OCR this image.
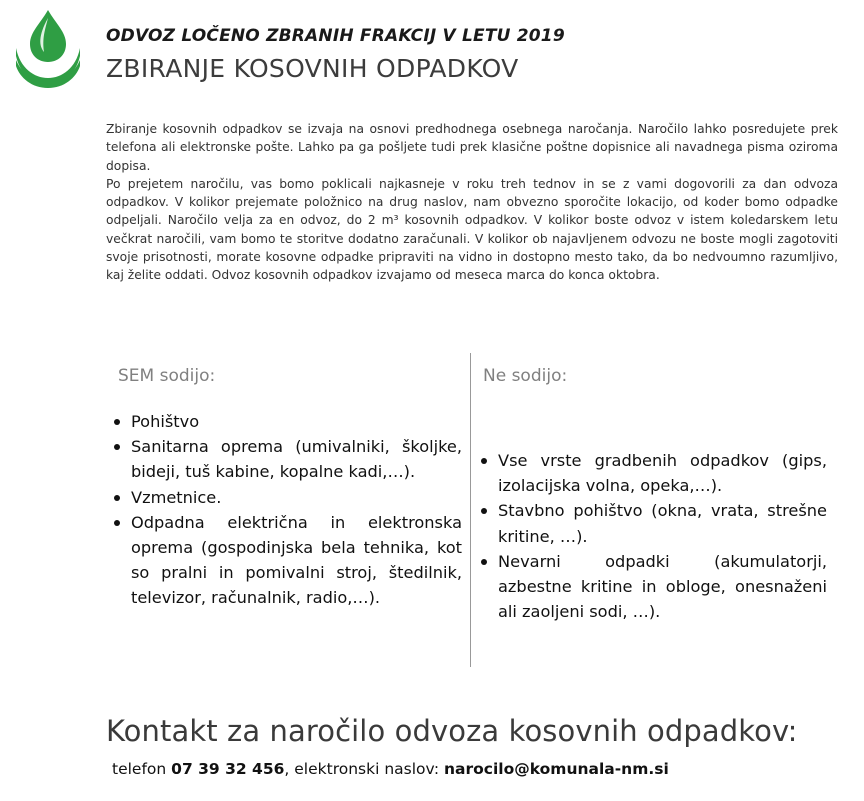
ODVOZ LOČENO ZBRANIH FRAKCIJ V LETU 2019
ZBIRANJE KOSOVNIH ODPADKOV

Zbiranje kosovnih odpadkov se izvaja na osnovi predhodnega osebnega naročanja. Naročilo lahko posredujete prek telefona ali elektronske pošte. Lahko pa ga pošljete tudi prek klasične poštne dopisnice ali navadnega pisma oziroma dopisa.

Po prejetem naročilu, vas bomo poklicali najkasneje v roku treh tednov in se z vami dogovorili za dan odvoza odpadkov. V kolikor prejemate položnico na drug naslov, nam obvezno sporočite lokacijo, od koder bomo odpadke odpeljali. Naročilo velja za en odvoz, do 2 m³ kosovnih odpadkov. V kolikor boste odvoz v istem koledarskem letu večkrat naročili, vam bomo te storitve dodatno zaračunali. V kolikor ob najavljenem odvozu ne boste mogli zagotoviti svoje prisotnosti, morate kosovne odpadke pripraviti na vidno in dostopno mesto tako, da bo nedvoumno razumljivo, kaj želite oddati. Odvoz kosovnih odpadkov izvajamo od meseca marca do konca oktobra.

SEM sodijo:	Ne sodijo:
Pohištvo
Sanitarna oprema (umivalniki, školjke, bideji, tuš kabine, kopalne kadi,…).
Vzmetnice.
Odpadna električna in elektronska oprema (gospodinjska bela tehnika, kot so pralni in pomivalni stroj, štedilnik, televizor, računalnik, radio,…).
Vse vrste gradbenih odpadkov (gips, izolacijska volna, opeka,…).
Stavbno pohištvo (okna, vrata, strešne kritine, …).
Nevarni odpadki (akumulatorji, azbestne kritine in obloge, onesnaženi ali zaoljeni sodi, …).
Kontakt za naročilo odvoza kosovnih odpadkov:
telefon 07 39 32 456, elektronski naslov: narocilo@komunala-nm.si
